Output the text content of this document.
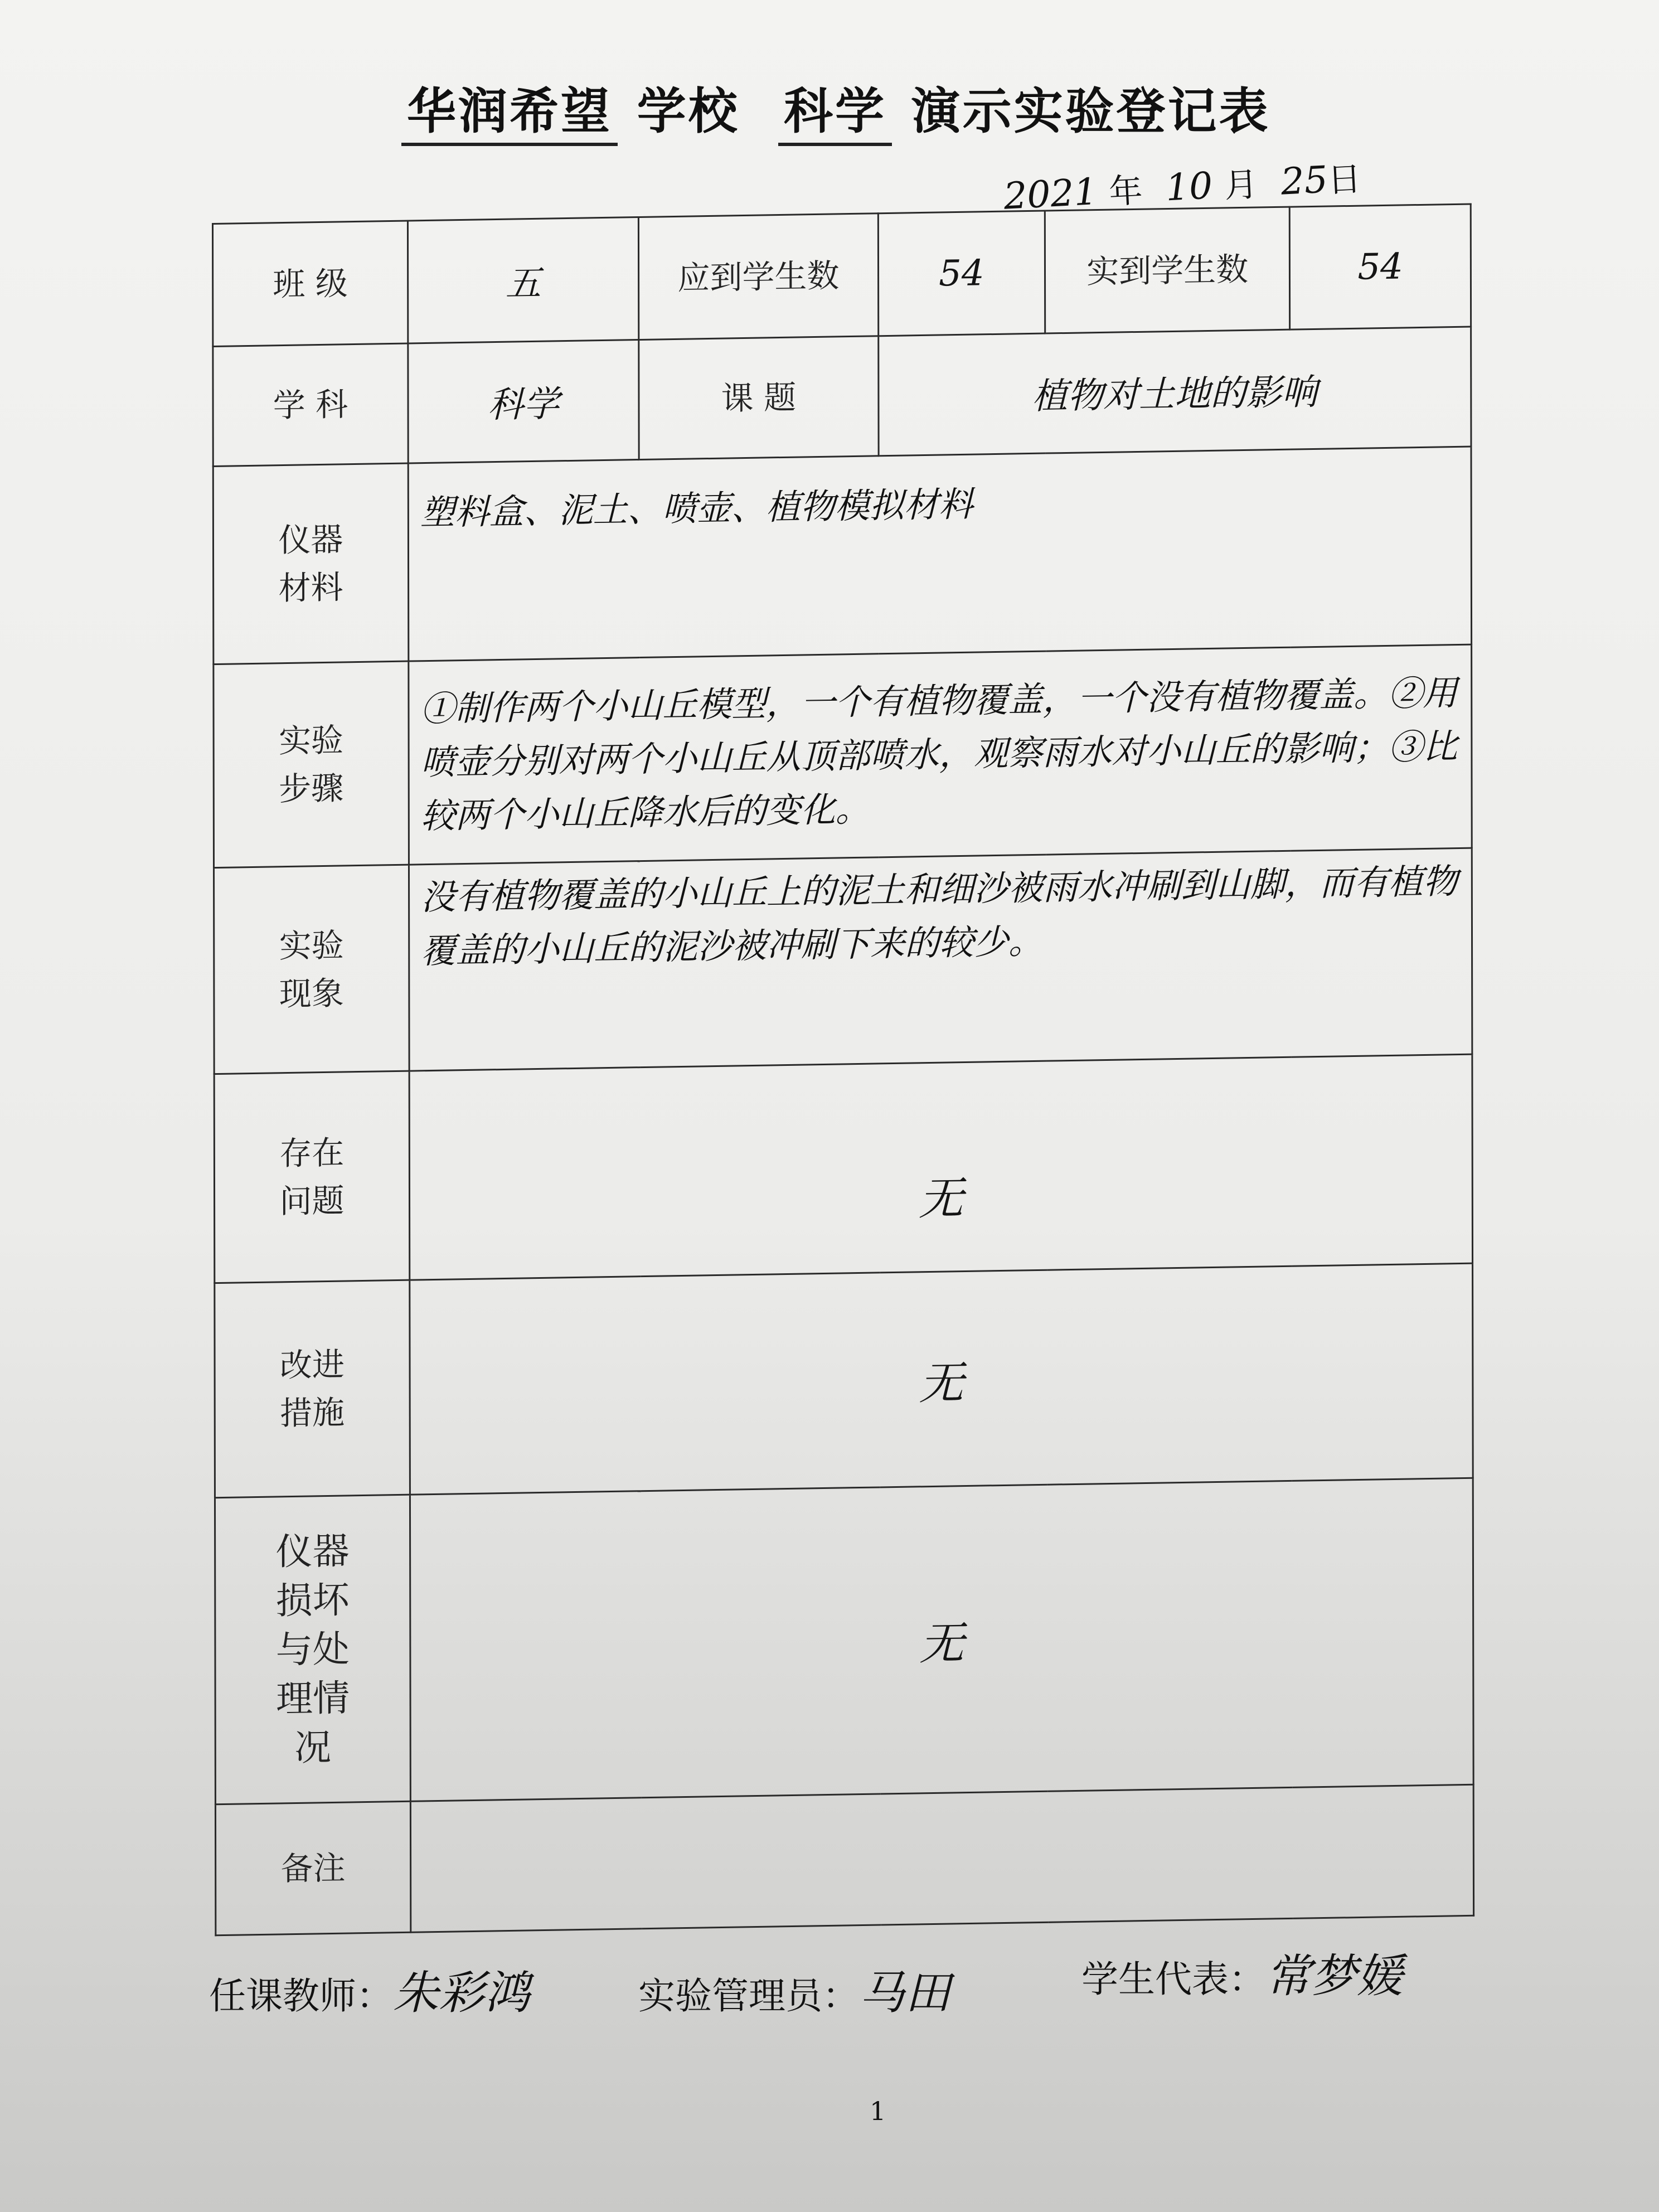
华润希望 学校 科学 演示实验登记表
2021 年 10 月 25日
班 级	五	应到学生数	54	实到学生数	54
学 科	科学	课 题	植物对土地的影响		
仪器材料	塑料盒、泥土、喷壶、植物模拟材料				
实验步骤	①制作两个小山丘模型，一个有植物覆盖，一个没有植物覆盖。②用喷壶分别对两个小山丘从顶部喷水，观察雨水对小山丘的影响；③比较两个小山丘降水后的变化。				
实验现象	没有植物覆盖的小山丘上的泥土和细沙被雨水冲刷到山脚，而有植物覆盖的小山丘的泥沙被冲刷下来的较少。				
存在问题	无				
改进措施	无				
仪器损坏与处理情况	无				
备注					
任课教师：朱彩鸿	实验管理员：马田	学生代表：常梦媛
1
